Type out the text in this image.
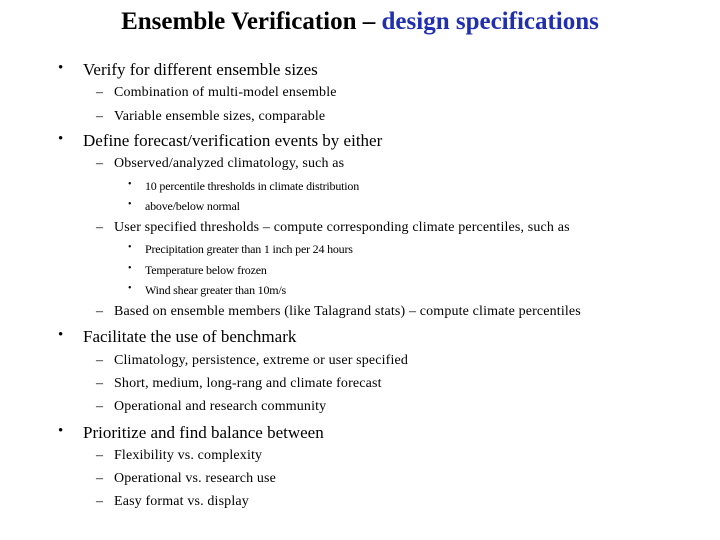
Ensemble Verification – design specifications
• Verify for different ensemble sizes
– Combination of multi-model ensemble
– Variable ensemble sizes, comparable
• Define forecast/verification events by either
– Observed/analyzed climatology, such as
• 10 percentile thresholds in climate distribution
• above/below normal
– User specified thresholds – compute corresponding climate percentiles, such as
• Precipitation greater than 1 inch per 24 hours
• Temperature below frozen
• Wind shear greater than 10m/s
– Based on ensemble members (like Talagrand stats) – compute climate percentiles
• Facilitate the use of benchmark
– Climatology, persistence, extreme or user specified
– Short, medium, long-rang and climate forecast
– Operational and research community
• Prioritize and find balance between
– Flexibility vs. complexity
– Operational vs. research use
– Easy format vs. display
